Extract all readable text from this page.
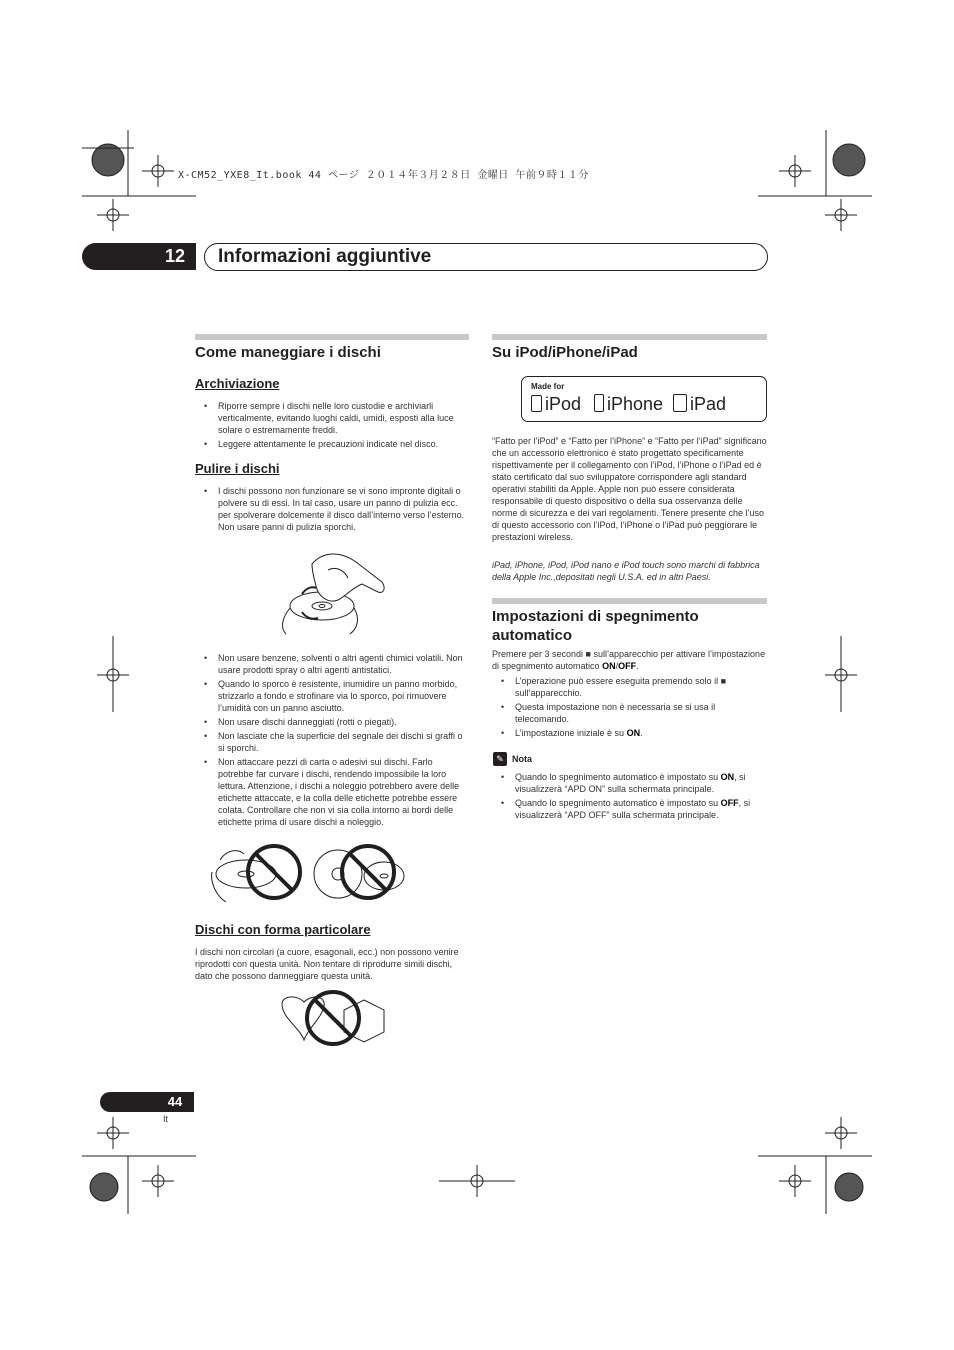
X-CM52_YXE8_It.book 44 ページ ２０１４年３月２８日 金曜日 午前９時１１分
12 Informazioni aggiuntive
Come maneggiare i dischi
Archiviazione
• Riporre sempre i dischi nelle loro custodie e archiviarli verticalmente, evitando luoghi caldi, umidi, esposti alla luce solare o estremamente freddi.
• Leggere attentamente le precauzioni indicate nel disco.
Pulire i dischi
• I dischi possono non funzionare se vi sono impronte digitali o polvere su di essi. In tal caso, usare un panno di pulizia ecc. per spolverare dolcemente il disco dall’interno verso l’esterno. Non usare panni di pulizia sporchi.
• Non usare benzene, solventi o altri agenti chimici volatili. Non usare prodotti spray o altri agenti antistatici.
• Quando lo sporco è resistente, inumidire un panno morbido, strizzarlo a fondo e strofinare via lo sporco, poi rimuovere l’umidità con un panno asciutto.
• Non usare dischi danneggiati (rotti o piegati).
• Non lasciate che la superficie del segnale dei dischi si graffi o si sporchi.
• Non attaccare pezzi di carta o adesivi sui dischi. Farlo potrebbe far curvare i dischi, rendendo impossibile la loro lettura. Attenzione, i dischi a noleggio potrebbero avere delle etichette attaccate, e la colla delle etichette potrebbe essere colata. Controllare che non vi sia colla intorno ai bordi delle etichette prima di usare dischi a noleggio.
Dischi con forma particolare

I dischi non circolari (a cuore, esagonali, ecc.) non possono venire riprodotti con questa unità. Non tentare di riprodurre simili dischi, dato che possono danneggiare questa unità.

Su iPod/iPhone/iPad
Made for
iPod	iPhone	iPad

“Fatto per l’iPod” e “Fatto per l’iPhone” e “Fatto per l’iPad” significano che un accessorio elettronico è stato progettato specificamente rispettivamente per il collegamento con l’iPod, l’iPhone o l’iPad ed è stato certificato dal suo sviluppatore corrispondere agli standard operativi stabiliti da Apple. Apple non può essere considerata responsabile di questo dispositivo o della sua osservanza delle norme di sicurezza e dei vari regolamenti. Tenere presente che l’uso di questo accessorio con l’iPod, l’iPhone o l’iPad può peggiorare le prestazioni wireless.

iPad, iPhone, iPod, iPod nano e iPod touch sono marchi di fabbrica della Apple Inc.,depositati negli U.S.A. ed in altri Paesi.

Impostazioni di spegnimento automatico

Premere per 3 secondi ■ sull’apparecchio per attivare l’impostazione di spegnimento automatico ON/OFF.

• L’operazione può essere eseguita premendo solo il ■ sull’apparecchio.
• Questa impostazione non è necessaria se si usa il telecomando.
• L’impostazione iniziale è su ON.
✎ Nota
• Quando lo spegnimento automatico è impostato su ON, si visualizzerà “APD ON” sulla schermata principale.
• Quando lo spegnimento automatico è impostato su OFF, si visualizzerà “APD OFF” sulla schermata principale.
44
It
